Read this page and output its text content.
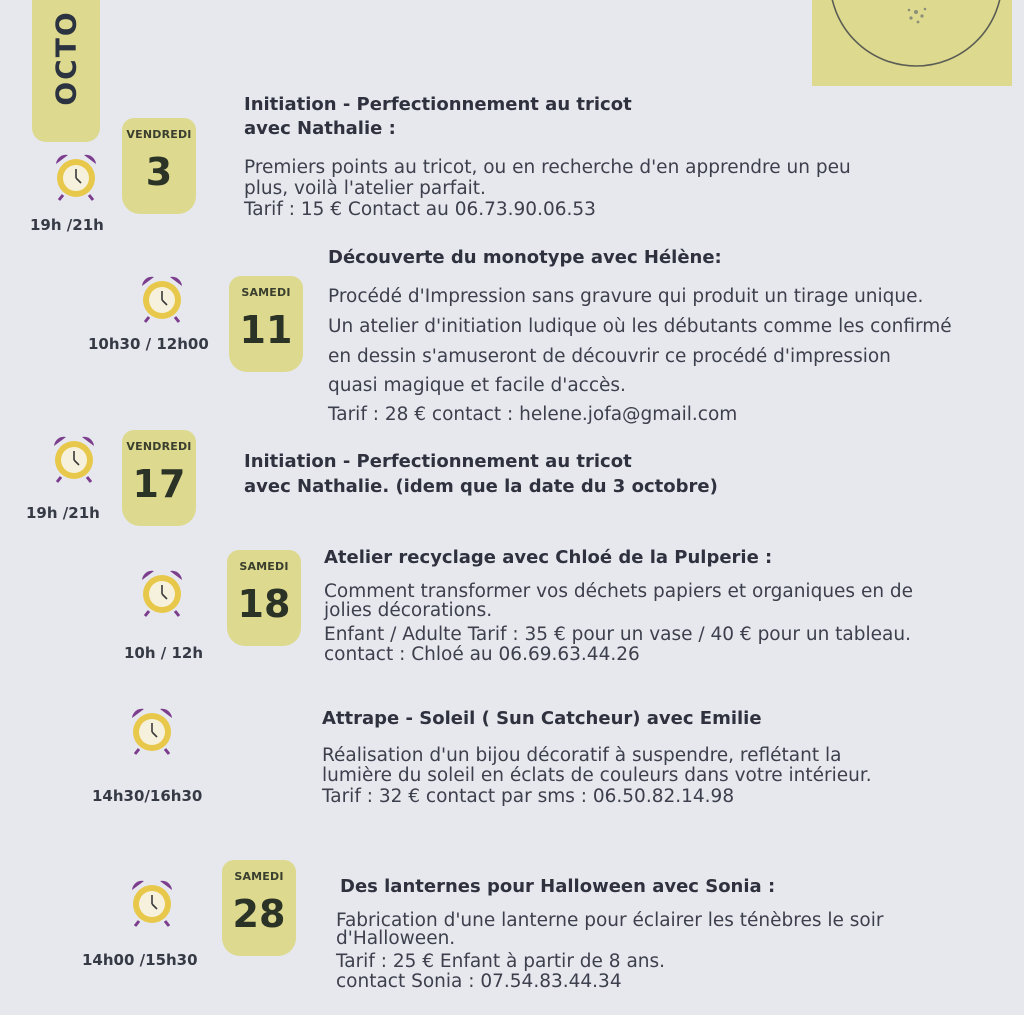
OCTO
19h /21h
VENDREDI
3
Initiation - Perfectionnement au tricot
avec Nathalie :
Premiers points au tricot, ou en recherche d'en apprendre un peu
plus, voilà l'atelier parfait.
Tarif : 15 € Contact au 06.73.90.06.53
10h30 / 12h00
SAMEDI
11
Découverte du monotype avec Hélène:
Procédé d'Impression sans gravure qui produit un tirage unique.
Un atelier d'initiation ludique où les débutants comme les confirmé
en dessin s'amuseront de découvrir ce procédé d'impression
quasi magique et facile d'accès.
Tarif : 28 € contact : helene.jofa@gmail.com
19h /21h
VENDREDI
17
Initiation - Perfectionnement au tricot
avec Nathalie. (idem que la date du 3 octobre)
10h / 12h
SAMEDI
18
Atelier recyclage avec Chloé de la Pulperie :
Comment transformer vos déchets papiers et organiques en de
jolies décorations.
Enfant / Adulte Tarif : 35 € pour un vase / 40 € pour un tableau.
contact : Chloé au 06.69.63.44.26
14h30/16h30
Attrape - Soleil ( Sun Catcheur) avec Emilie
Réalisation d'un bijou décoratif à suspendre, reflétant la
lumière du soleil en éclats de couleurs dans votre intérieur.
Tarif : 32 € contact par sms : 06.50.82.14.98
14h00 /15h30
SAMEDI
28
Des lanternes pour Halloween avec Sonia :
Fabrication d'une lanterne pour éclairer les ténèbres le soir
d'Halloween.
Tarif : 25 € Enfant à partir de 8 ans.
contact Sonia : 07.54.83.44.34
